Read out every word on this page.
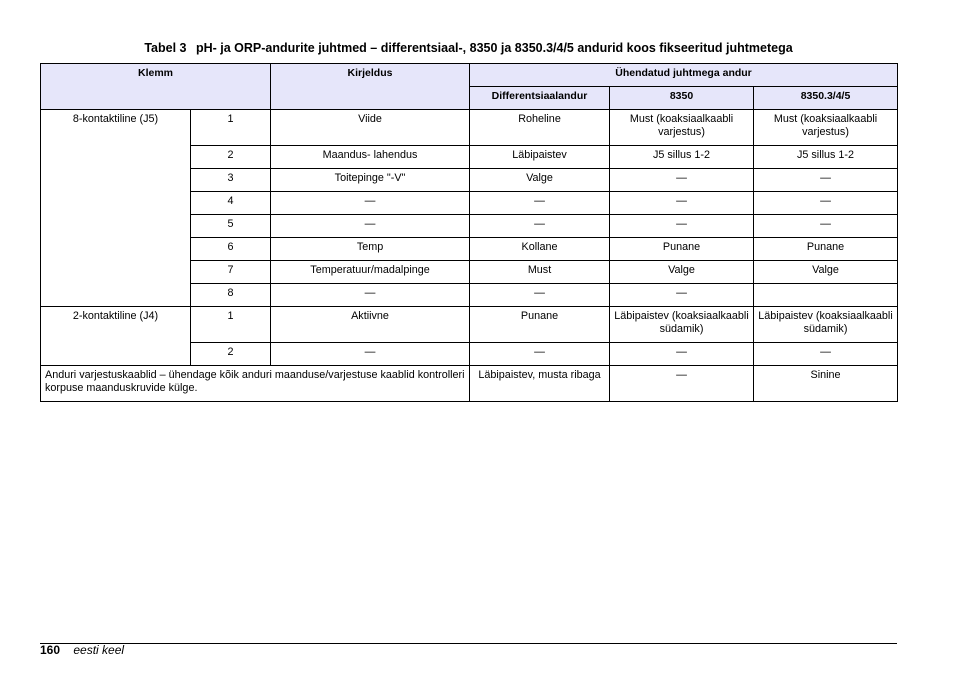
Tabel 3 pH- ja ORP-andurite juhtmed – differentsiaal-, 8350 ja 8350.3/4/5 andurid koos fikseeritud juhtmetega
Klemm		Kirjeldus	Ühendatud juhtmega andur		
			Differentsiaalandur	8350	8350.3/4/5
8-kontaktiline (J5)	1	Viide	Roheline	Must (koaksiaalkaabli varjestus)	Must (koaksiaalkaabli varjestus)
	2	Maandus- lahendus	Läbipaistev	J5 sillus 1-2	J5 sillus 1-2
	3	Toitepinge "-V"	Valge	—	—
	4	—	—	—	—
	5	—	—	—	—
	6	Temp	Kollane	Punane	Punane
	7	Temperatuur/madalpinge	Must	Valge	Valge
	8	—	—	—	
2-kontaktiline (J4)	1	Aktiivne	Punane	Läbipaistev (koaksiaalkaabli südamik)	Läbipaistev (koaksiaalkaabli südamik)
	2	—	—	—	—
Anduri varjestuskaablid – ühendage kõik anduri maanduse/varjestuse kaablid kontrolleri korpuse maanduskruvide külge.			Läbipaistev, musta ribaga	—	Sinine
160 eesti keel
